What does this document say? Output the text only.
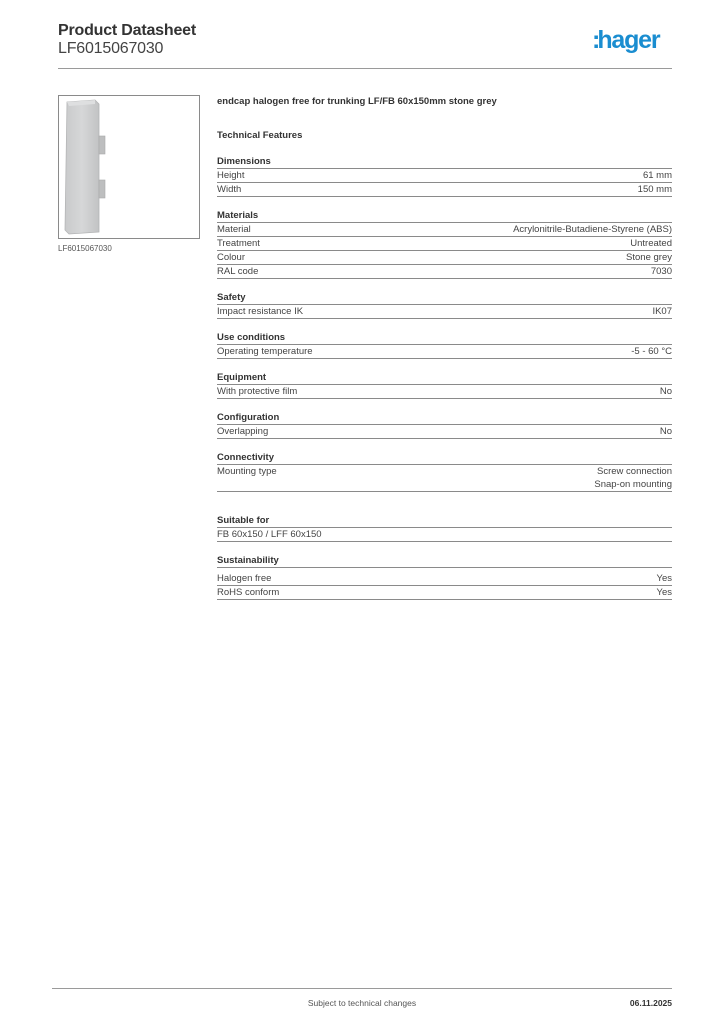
Product Datasheet
LF6015067030	:hager
LF6015067030
endcap halogen free for trunking LF/FB 60x150mm stone grey
Technical Features
Dimensions
Height	61 mm
Width	150 mm
Materials
Material	Acrylonitrile-Butadiene-Styrene (ABS)
Treatment	Untreated
Colour	Stone grey
RAL code	7030
Safety
Impact resistance IK	IK07
Use conditions
Operating temperature	-5 - 60 °C
Equipment
With protective film	No
Configuration
Overlapping	No
Connectivity
Mounting type	Screw connection
Snap-on mounting
Suitable for
FB 60x150 / LFF 60x150
Sustainability
Halogen free	Yes
RoHS conform	Yes
Subject to technical changes	06.11.2025
